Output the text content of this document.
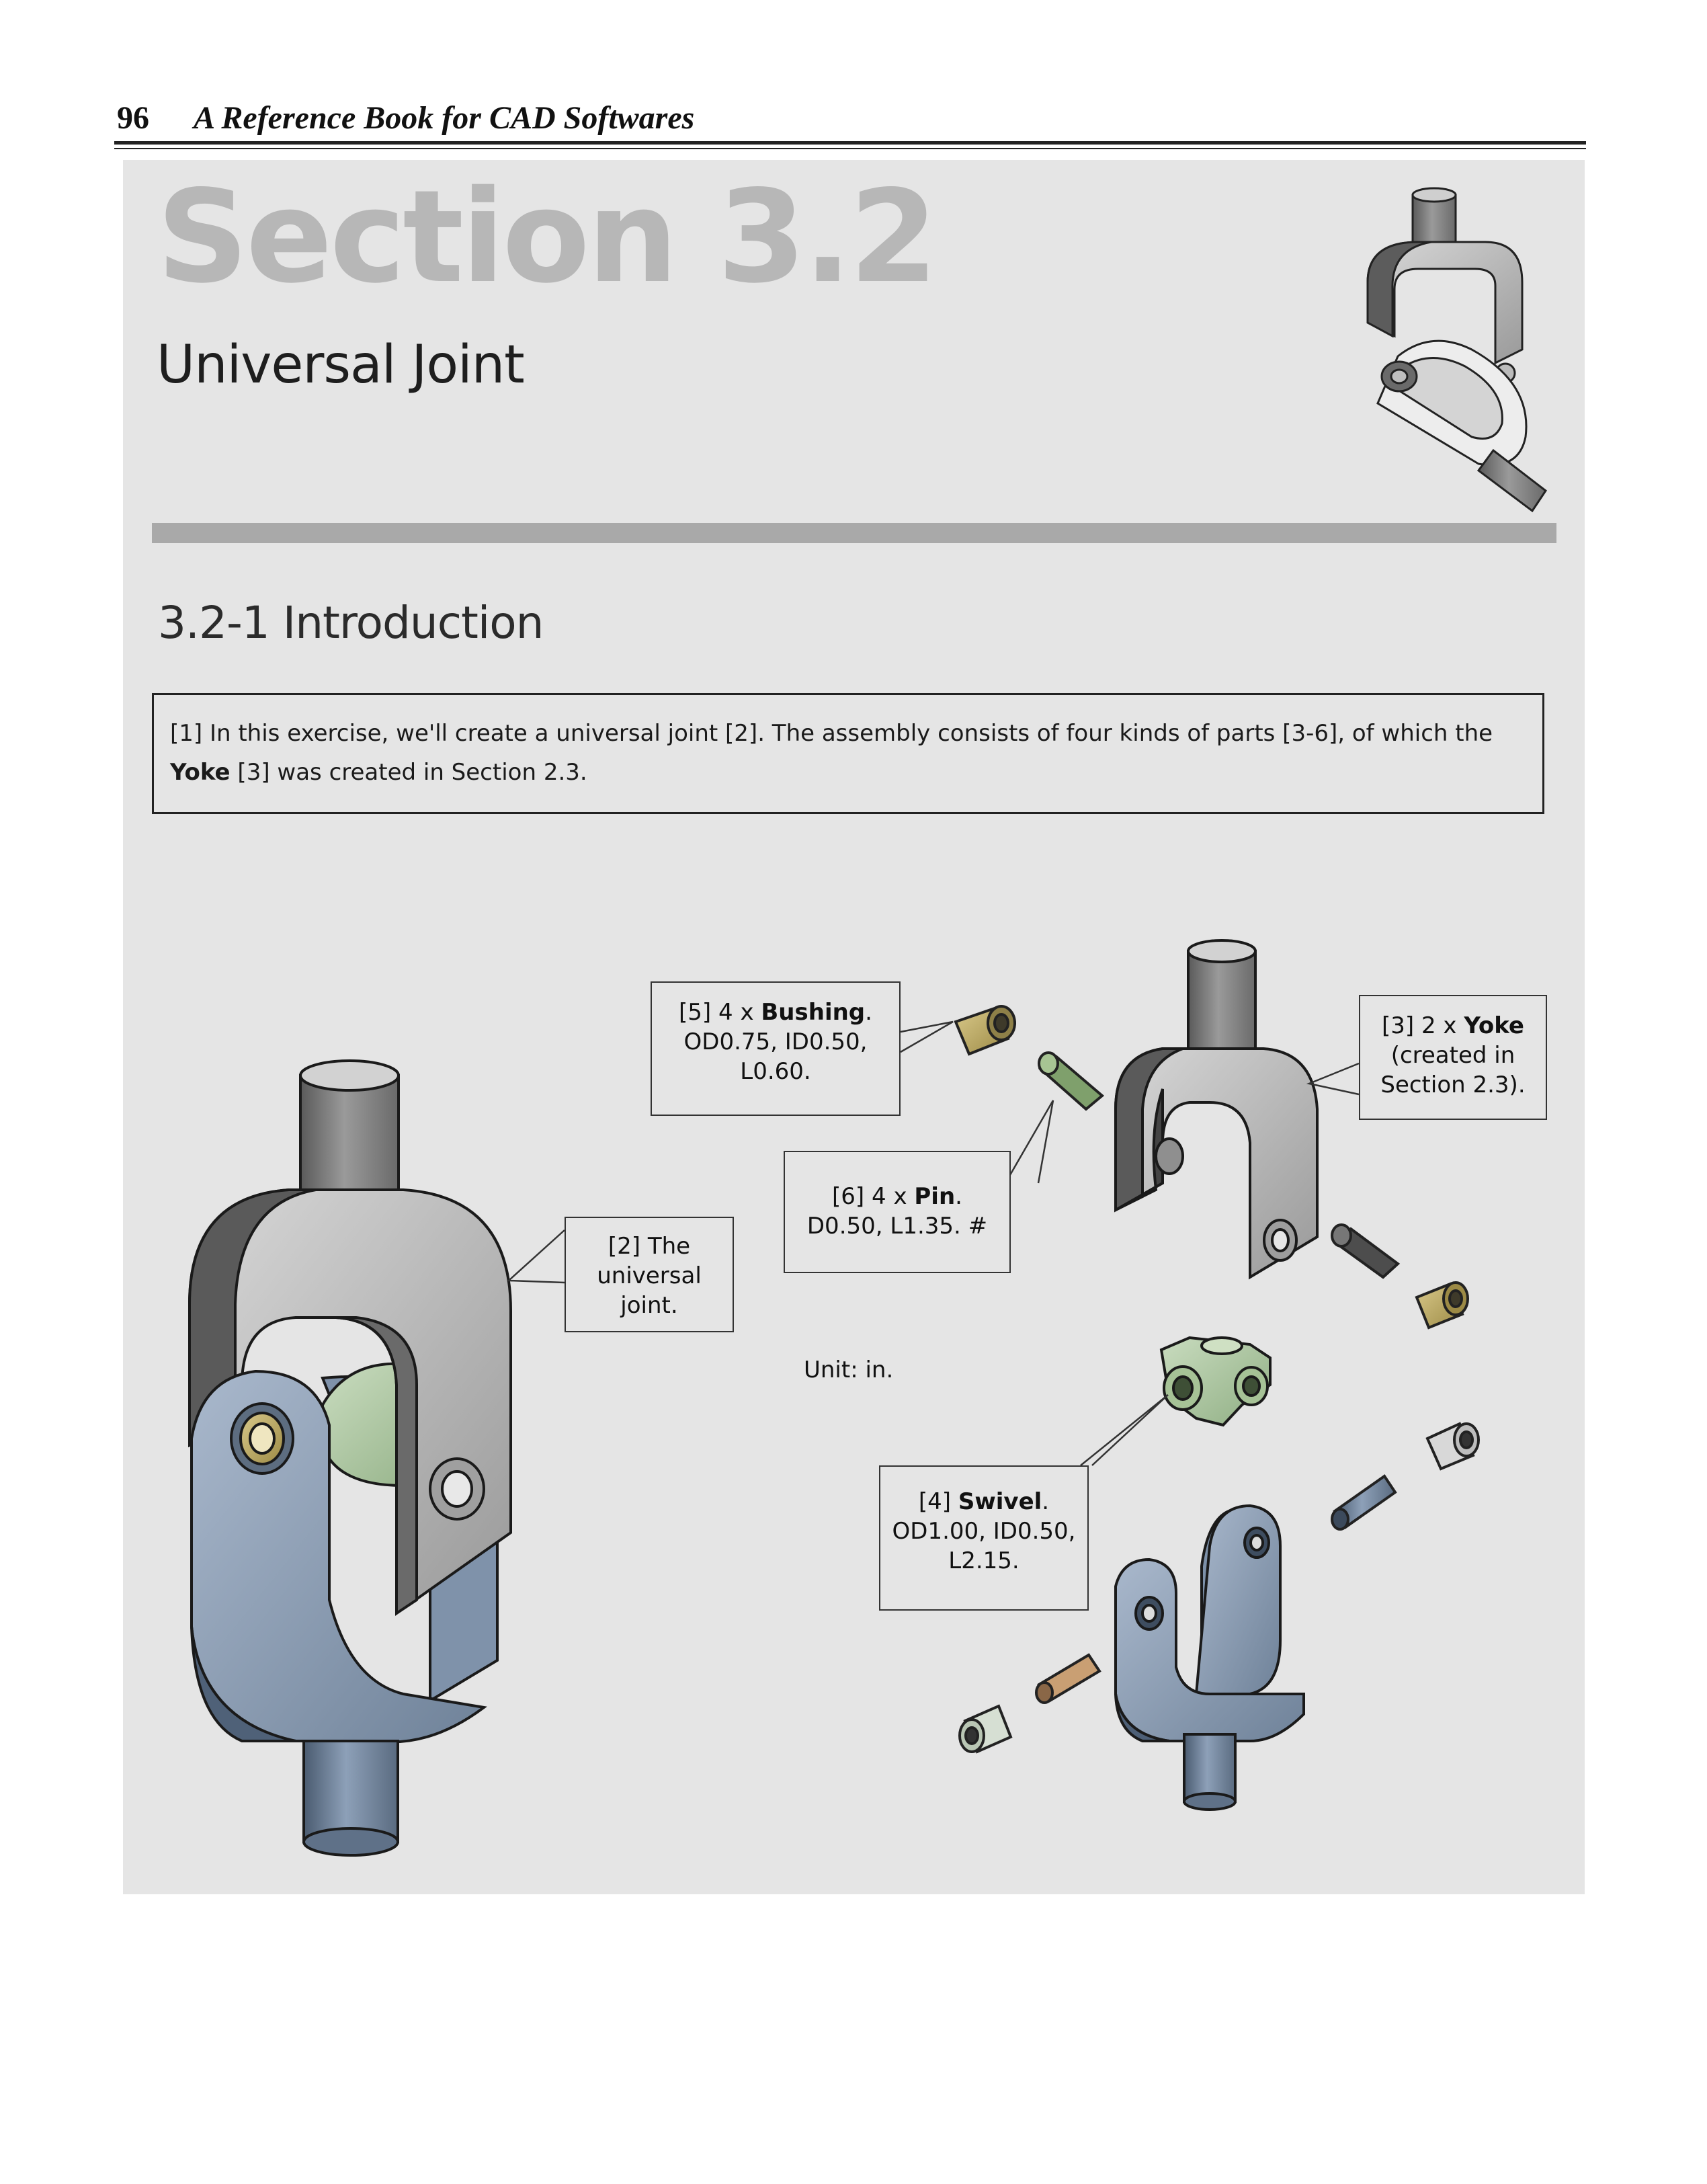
96 A Reference Book for CAD Softwares
Section 3.2
Universal Joint
3.2-1 Introduction
[1] In this exercise, we'll create a universal joint [2]. The assembly consists of four kinds of parts [3-6], of which the
Yoke [3] was created in Section 2.3.
[2] The
universal
joint.
[5] 4 x Bushing.
OD0.75, ID0.50,
L0.60.
[6] 4 x Pin.
D0.50, L1.35. #
[3] 2 x Yoke
(created in
Section 2.3).
[4] Swivel.
OD1.00, ID0.50,
L2.15.
Unit: in.
